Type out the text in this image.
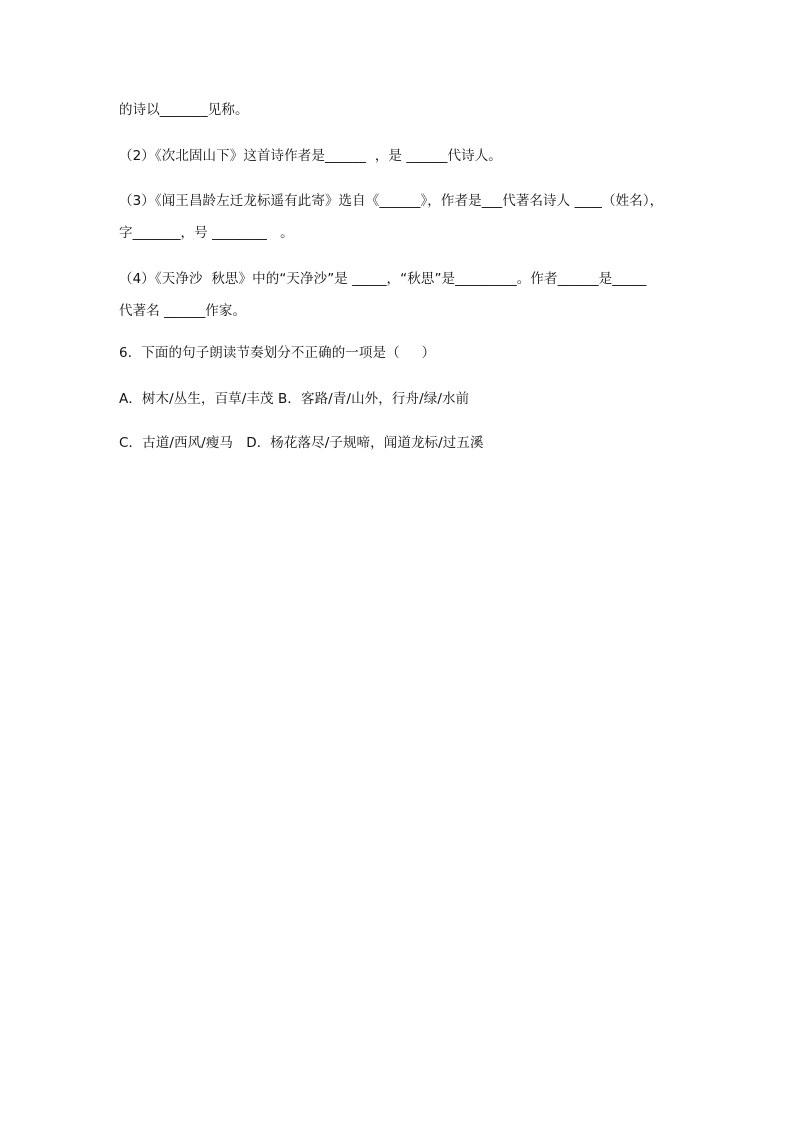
的诗以_______见称。
（2）《次北固山下》这首诗作者是______  ，是 ______代诗人。
（3）《闻王昌龄左迁龙标遥有此寄》选自《______》，作者是___代著名诗人 ____（姓名），
字_______，号 ________   。
（4）《天净沙  秋思》中的“天净沙”是 _____，“秋思”是_________。作者______是_____
代著名 ______作家。
6．下面的句子朗读节奏划分不正确的一项是（     ）
A．树木/丛生，百草/丰茂 B．客路/青/山外，行舟/绿/水前
C．古道/西风/瘦马   D．杨花落尽/子规啼，闻道龙标/过五溪
